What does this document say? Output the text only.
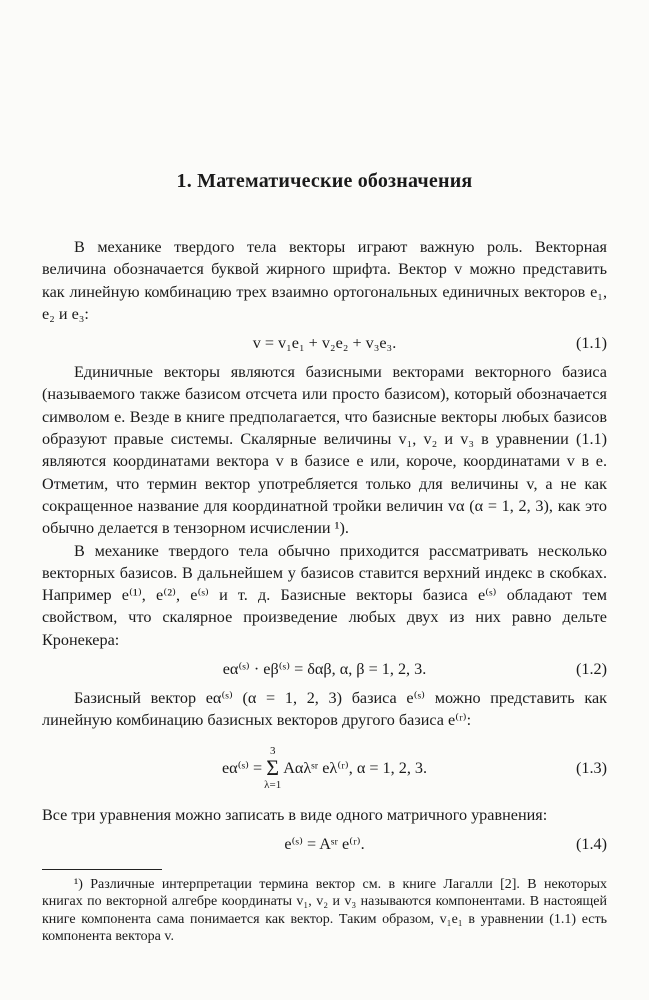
1. Математические обозначения

В механике твердого тела векторы играют важную роль. Векторная величина обозначается буквой жирного шрифта. Вектор v можно представить как линейную комбинацию трех взаимно ортогональных единичных векторов e₁, e₂ и e₃:

v = v₁e₁ + v₂e₂ + v₃e₃.	(1.1)

Единичные векторы являются базисными векторами векторного базиса (называемого также базисом отсчета или просто базисом), который обозначается символом e. Везде в книге предполагается, что базисные векторы любых базисов образуют правые системы. Скалярные величины v₁, v₂ и v₃ в уравнении (1.1) являются координатами вектора v в базисе e или, короче, координатами v в e. Отметим, что термин вектор употребляется только для величины v, а не как сокращенное название для координатной тройки величин vα (α = 1, 2, 3), как это обычно делается в тензорном исчислении ¹).

В механике твердого тела обычно приходится рассматривать несколько векторных базисов. В дальнейшем у базисов ставится верхний индекс в скобках. Например e⁽¹⁾, e⁽²⁾, e⁽ˢ⁾ и т. д. Базисные векторы базиса e⁽ˢ⁾ обладают тем свойством, что скалярное произведение любых двух из них равно дельте Кронекера:

eα⁽ˢ⁾ · eβ⁽ˢ⁾ = δαβ, α, β = 1, 2, 3.	(1.2)

Базисный вектор eα⁽ˢ⁾ (α = 1, 2, 3) базиса e⁽ˢ⁾ можно представить как линейную комбинацию базисных векторов другого базиса e⁽ʳ⁾:

eα⁽ˢ⁾ =
3
Σ
λ=1
Aαλˢʳ eλ⁽ʳ⁾, α = 1, 2, 3.	(1.3)

Все три уравнения можно записать в виде одного матричного уравнения:

e⁽ˢ⁾ = Aˢʳ e⁽ʳ⁾.	(1.4)

¹) Различные интерпретации термина вектор см. в книге Лагалли [2]. В некоторых книгах по векторной алгебре координаты v₁, v₂ и v₃ называются компонентами. В настоящей книге компонента сама понимается как вектор. Таким образом, v₁e₁ в уравнении (1.1) есть компонента вектора v.
